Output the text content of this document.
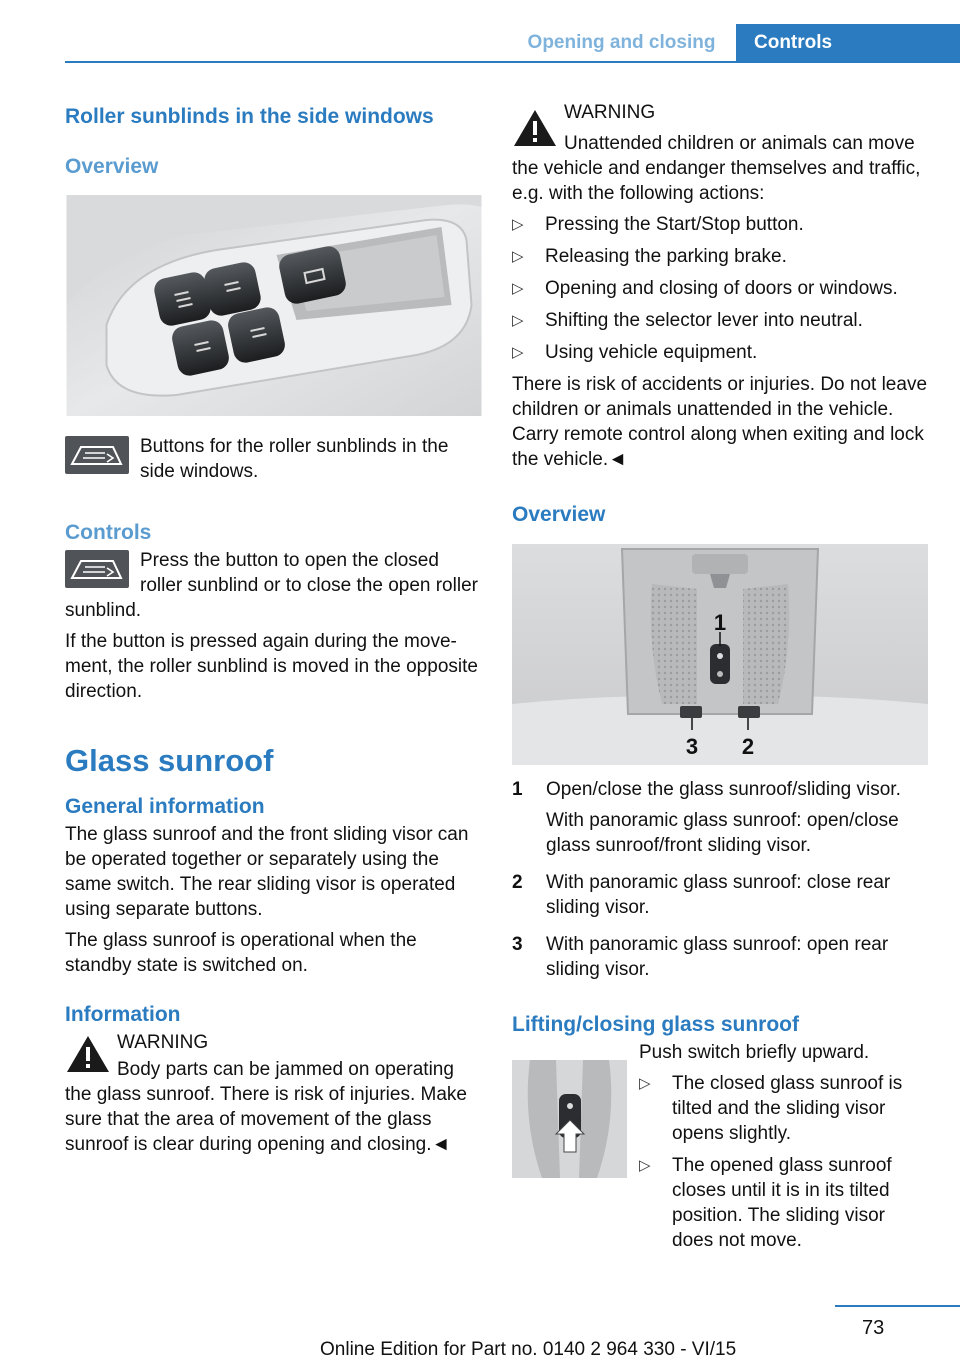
Opening and closing	Controls
Roller sunblinds in the side windows
Overview

Buttons for the roller sunblinds in the side windows.

Controls

Press the button to open the closed roller sunblind or to close the open roller sunblind.

If the button is pressed again during the movement, the roller sunblind is moved in the opposite direction.

Glass sunroof
General information

The glass sunroof and the front sliding visor can be operated together or separately using the same switch. The rear sliding visor is operated using separate buttons.

The glass sunroof is operational when the standby state is switched on.

Information

WARNING

Body parts can be jammed on operating the glass sunroof. There is risk of injuries. Make sure that the area of movement of the glass sunroof is clear during opening and closing.◄

WARNING

Unattended children or animals can move the vehicle and endanger themselves and traffic, e.g. with the following actions:

▷ Pressing the Start/Stop button.
▷ Releasing the parking brake.
▷ Opening and closing of doors or windows.
▷ Shifting the selector lever into neutral.
▷ Using vehicle equipment.

There is risk of accidents or injuries. Do not leave children or animals unattended in the vehicle. Carry remote control along when exiting and lock the vehicle.◄

Overview
1
2
3
1	Open/close the glass sunroof/sliding visor.

With panoramic glass sunroof: open/close glass sunroof/front sliding visor.

2	With panoramic glass sunroof: close rear sliding visor.

3	With panoramic glass sunroof: open rear sliding visor.

Lifting/closing glass sunroof

Push switch briefly upward.

▷ The closed glass sunroof is tilted and the sliding visor opens slightly.
▷ The opened glass sunroof closes until it is in its tilted position. The sliding visor does not move.
73
Online Edition for Part no. 0140 2 964 330 - VI/15
